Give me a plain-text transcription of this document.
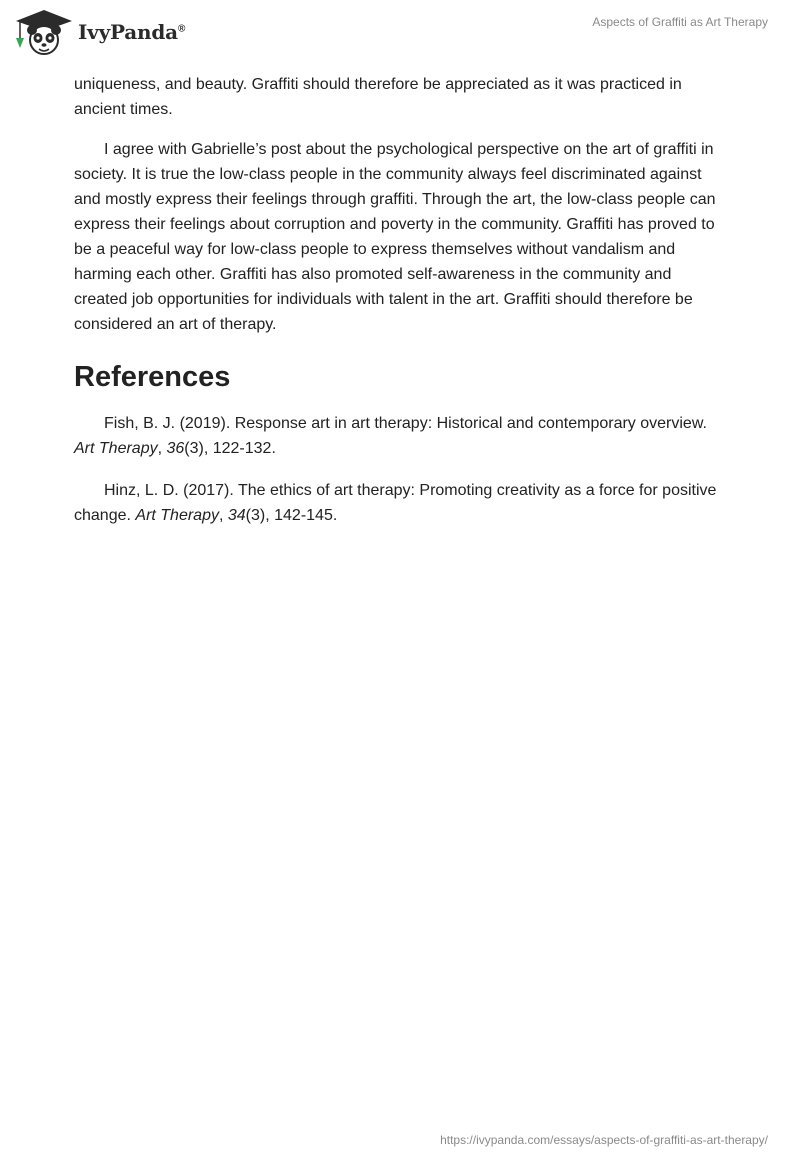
IvyPanda®	Aspects of Graffiti as Art Therapy

uniqueness, and beauty. Graffiti should therefore be appreciated as it was practiced in ancient times.

I agree with Gabrielle’s post about the psychological perspective on the art of graffiti in society. It is true the low-class people in the community always feel discriminated against and mostly express their feelings through graffiti. Through the art, the low-class people can express their feelings about corruption and poverty in the community. Graffiti has proved to be a peaceful way for low-class people to express themselves without vandalism and harming each other. Graffiti has also promoted self-awareness in the community and created job opportunities for individuals with talent in the art. Graffiti should therefore be considered an art of therapy.

References

Fish, B. J. (2019). Response art in art therapy: Historical and contemporary overview. Art Therapy, 36(3), 122-132.

Hinz, L. D. (2017). The ethics of art therapy: Promoting creativity as a force for positive change. Art Therapy, 34(3), 142-145.

https://ivypanda.com/essays/aspects-of-graffiti-as-art-therapy/
